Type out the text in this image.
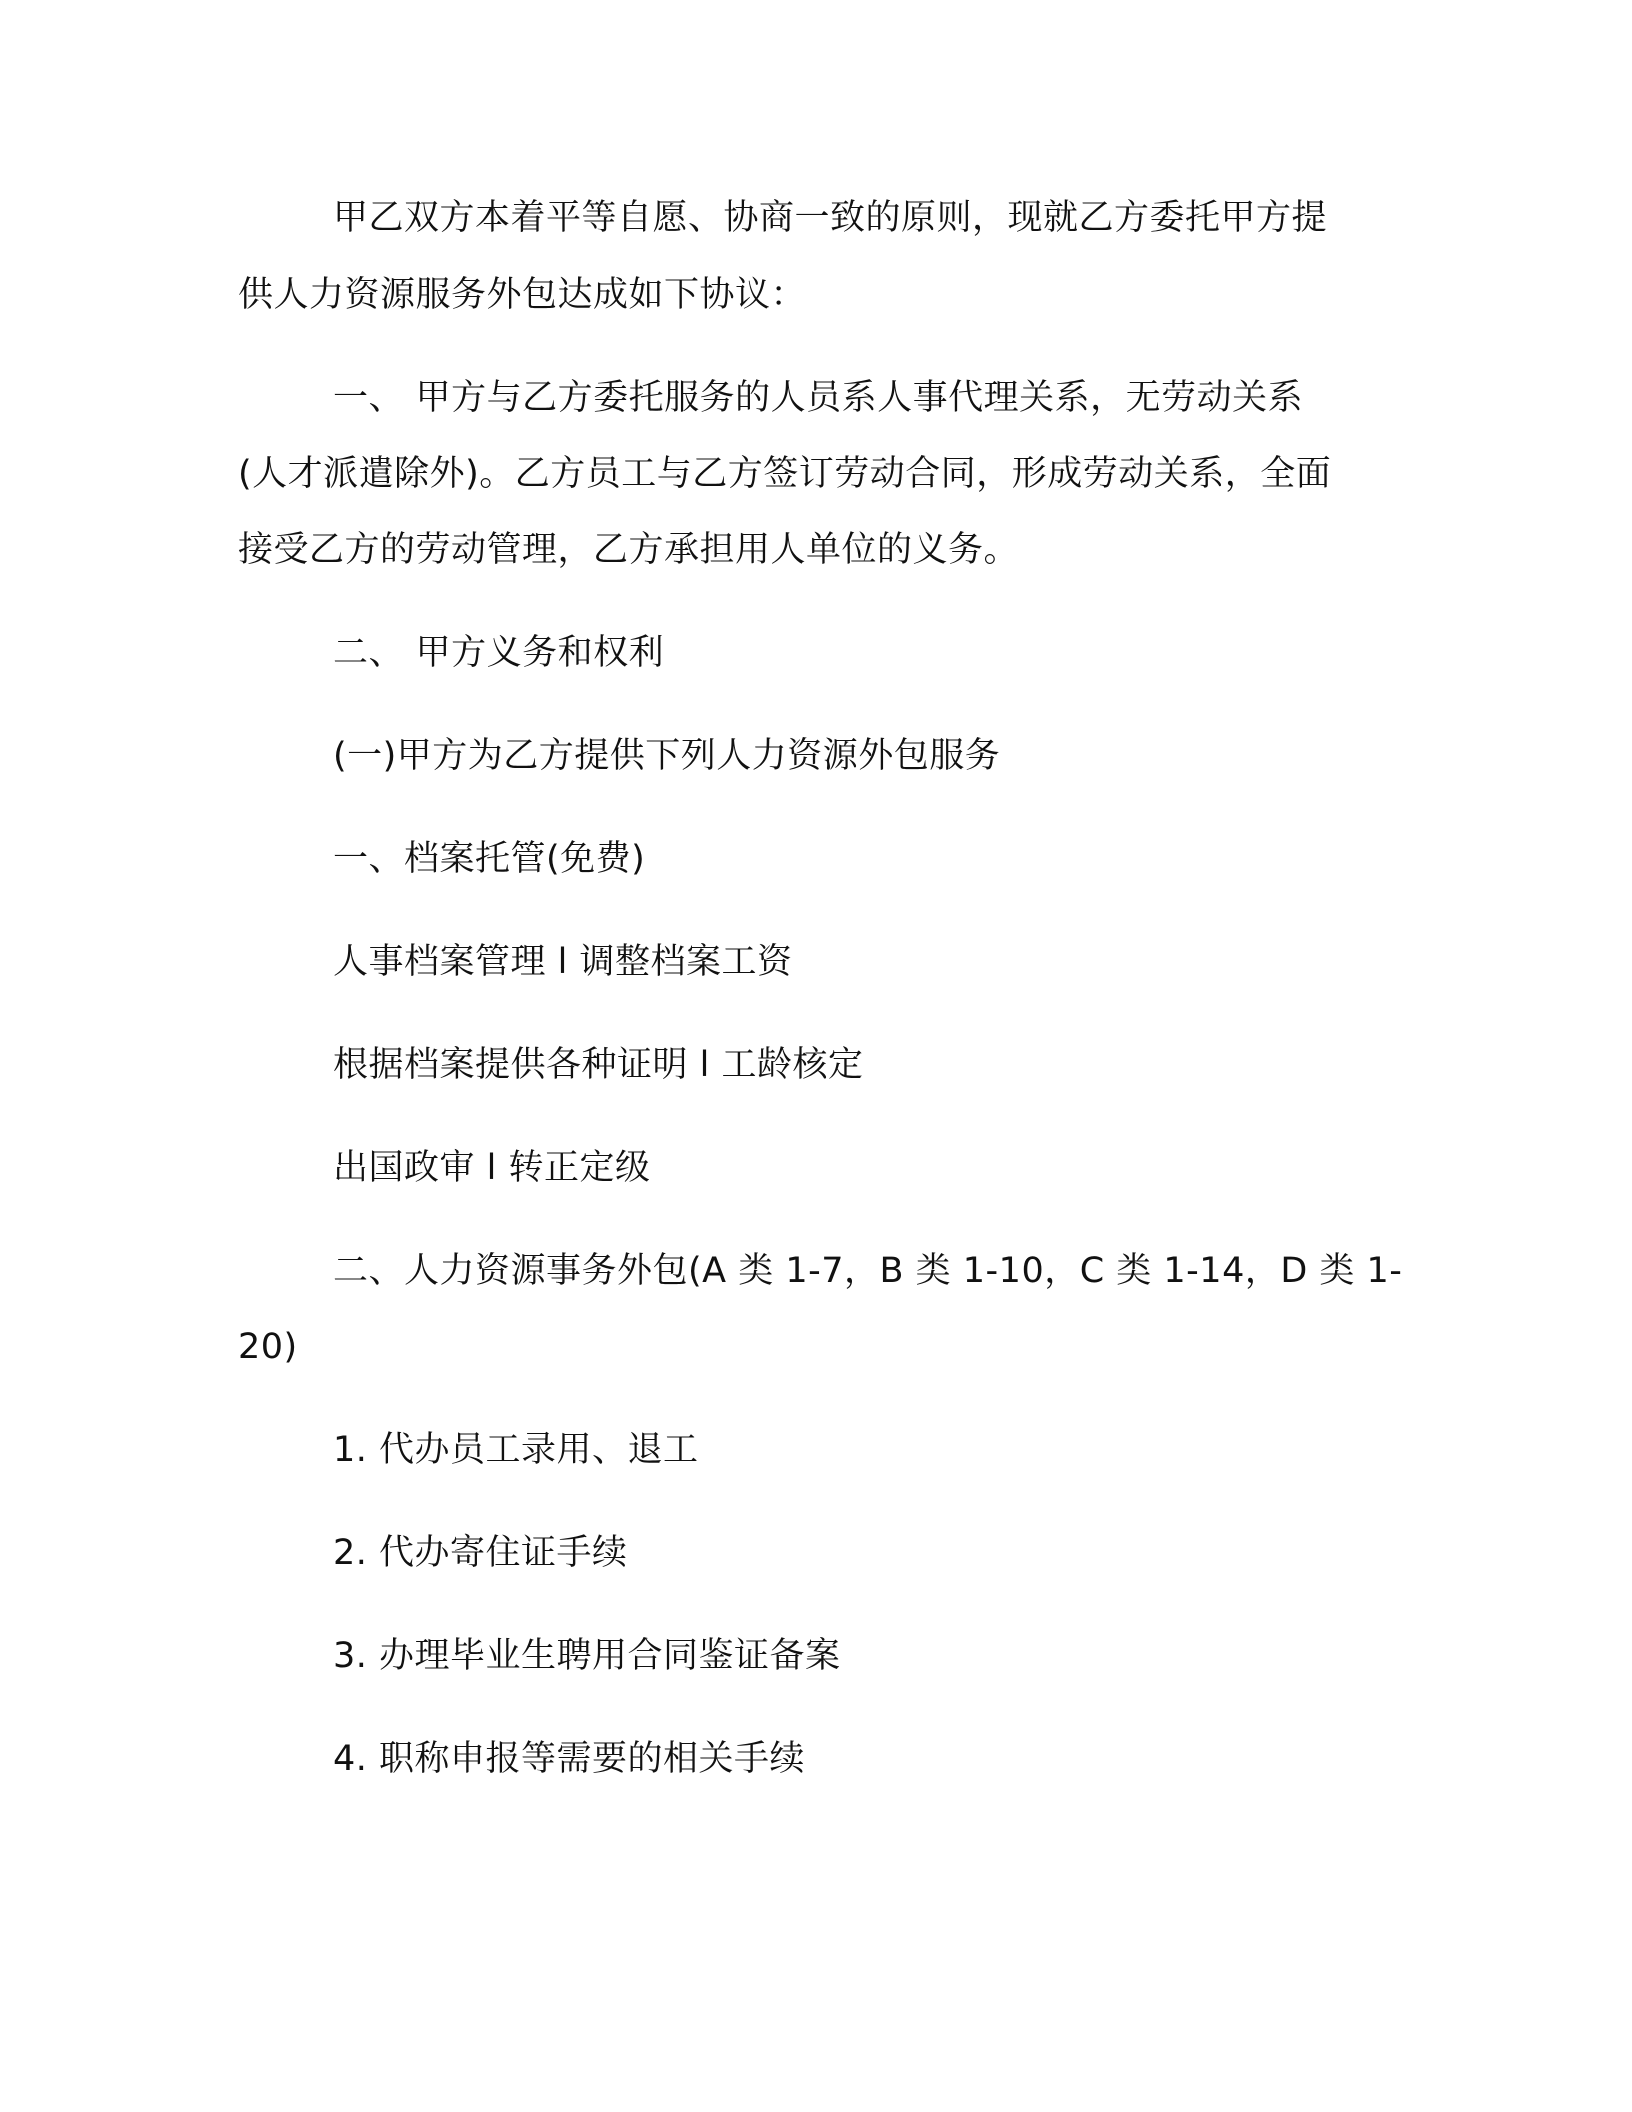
甲乙双方本着平等自愿、协商一致的原则，现就乙方委托甲方提
供人力资源服务外包达成如下协议：
一、 甲方与乙方委托服务的人员系人事代理关系，无劳动关系
(人才派遣除外)。乙方员工与乙方签订劳动合同，形成劳动关系，全面
接受乙方的劳动管理，乙方承担用人单位的义务。
二、 甲方义务和权利
(一)甲方为乙方提供下列人力资源外包服务
一、档案托管(免费)
人事档案管理 l 调整档案工资
根据档案提供各种证明 l 工龄核定
出国政审 l 转正定级
二、人力资源事务外包(A 类 1-7，B 类 1-10，C 类 1-14，D 类 1-
20)
1. 代办员工录用、退工
2. 代办寄住证手续
3. 办理毕业生聘用合同鉴证备案
4. 职称申报等需要的相关手续
